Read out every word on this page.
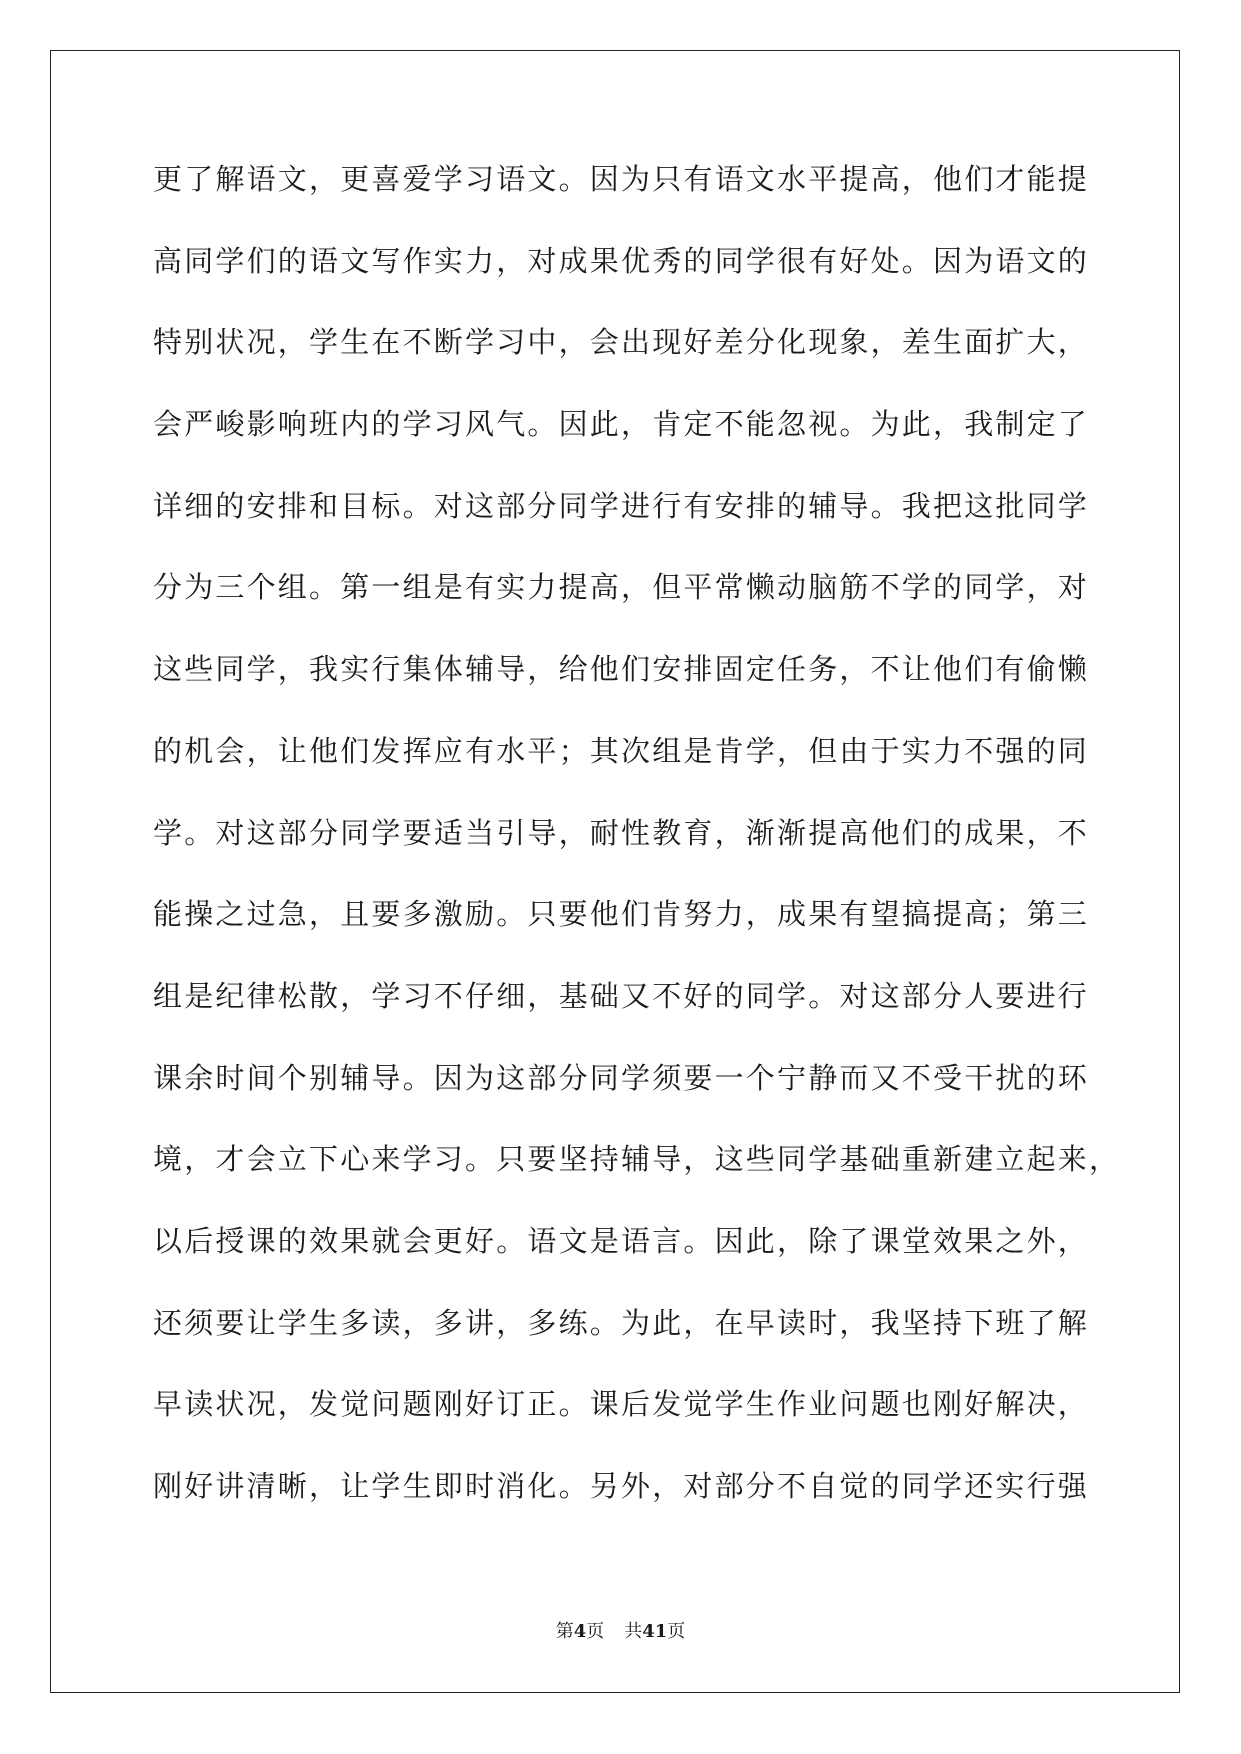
更了解语文，更喜爱学习语文。因为只有语文水平提高，他们才能提
高同学们的语文写作实力，对成果优秀的同学很有好处。因为语文的
特别状况，学生在不断学习中，会出现好差分化现象，差生面扩大，
会严峻影响班内的学习风气。因此，肯定不能忽视。为此，我制定了
详细的安排和目标。对这部分同学进行有安排的辅导。我把这批同学
分为三个组。第一组是有实力提高，但平常懒动脑筋不学的同学，对
这些同学，我实行集体辅导，给他们安排固定任务，不让他们有偷懒
的机会，让他们发挥应有水平；其次组是肯学，但由于实力不强的同
学。对这部分同学要适当引导，耐性教育，渐渐提高他们的成果，不
能操之过急，且要多激励。只要他们肯努力，成果有望搞提高；第三
组是纪律松散，学习不仔细，基础又不好的同学。对这部分人要进行
课余时间个别辅导。因为这部分同学须要一个宁静而又不受干扰的环
境，才会立下心来学习。只要坚持辅导，这些同学基础重新建立起来，
以后授课的效果就会更好。语文是语言。因此，除了课堂效果之外，
还须要让学生多读，多讲，多练。为此，在早读时，我坚持下班了解
早读状况，发觉问题刚好订正。课后发觉学生作业问题也刚好解决，
刚好讲清晰，让学生即时消化。另外，对部分不自觉的同学还实行强
第4页 共41页
